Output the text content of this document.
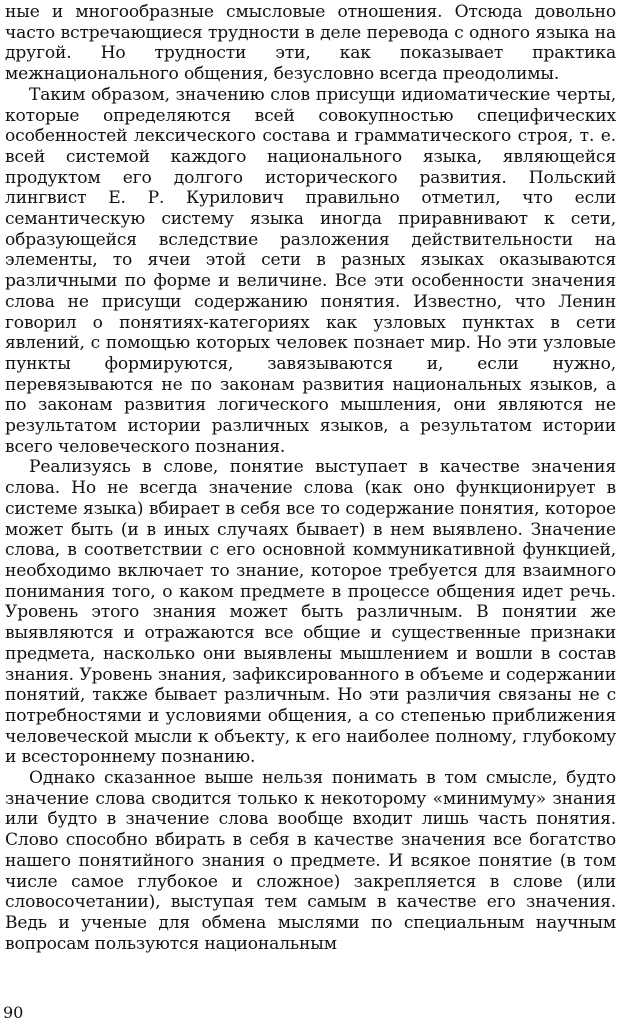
ные и многообразные смысловые отношения. Отсюда довольно часто встречающиеся трудности в деле перевода с одного языка на другой. Но трудности эти, как показывает практика межнационального общения, безусловно всегда преодолимы.

Таким образом, значению слов присущи идиоматические черты, которые определяются всей совокупностью специфических особенностей лексического состава и грамматического строя, т. е. всей системой каждого национального языка, являющейся продуктом его долгого исторического развития. Польский лингвист Е. Р. Курилович правильно отметил, что если семантическую систему языка иногда приравнивают к сети, образующейся вследствие разложения действительности на элементы, то ячеи этой сети в разных языках оказываются различными по форме и величине. Все эти особенности значения слова не присущи содержанию понятия. Известно, что Ленин говорил о понятиях-категориях как узловых пунктах в сети явлений, с помощью которых человек познает мир. Но эти узловые пункты формируются, завязываются и, если нужно, перевязываются не по законам развития национальных языков, а по законам развития логического мышления, они являются не результатом истории различных языков, а результатом истории всего человеческого познания.

Реализуясь в слове, понятие выступает в качестве значения слова. Но не всегда значение слова (как оно функционирует в системе языка) вбирает в себя все то содержание понятия, которое может быть (и в иных случаях бывает) в нем выявлено. Значение слова, в соответствии с его основной коммуникативной функцией, необходимо включает то знание, которое требуется для взаимного понимания того, о каком предмете в процессе общения идет речь. Уровень этого знания может быть различным. В понятии же выявляются и отражаются все общие и существенные признаки предмета, насколько они выявлены мышлением и вошли в состав знания. Уровень знания, зафиксированного в объеме и содержании понятий, также бывает различным. Но эти различия связаны не с потребностями и условиями общения, а со степенью приближения человеческой мысли к объекту, к его наиболее полному, глубокому и всестороннему познанию.

Однако сказанное выше нельзя понимать в том смысле, будто значение слова сводится только к некоторому «минимуму» знания или будто в значение слова вообще входит лишь часть понятия. Слово способно вбирать в себя в качестве значения все богатство нашего понятийного знания о предмете. И всякое понятие (в том числе самое глубокое и сложное) закрепляется в слове (или словосочетании), выступая тем самым в качестве его значения. Ведь и ученые для обмена мыслями по специальным научным вопросам пользуются национальным

90
